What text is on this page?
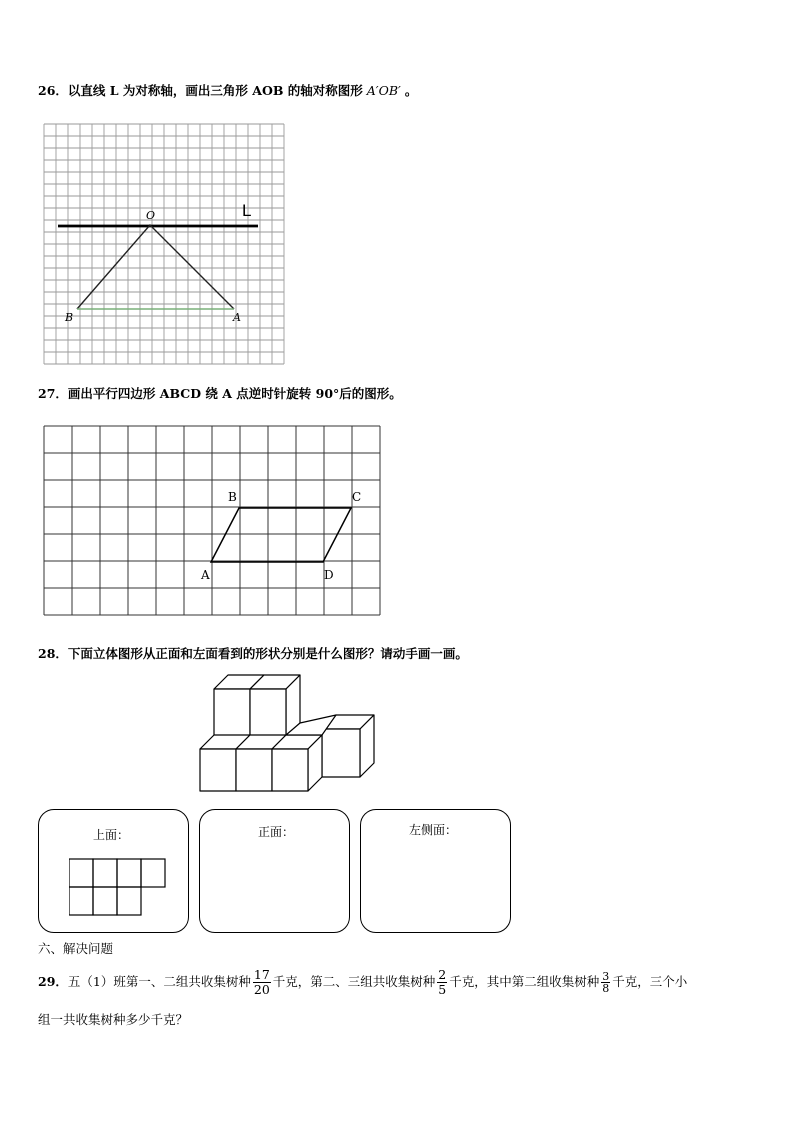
26．以直线 L 为对称轴，画出三角形 AOB 的轴对称图形 A′OB′ 。
L
O
B	A
27．画出平行四边形 ABCD 绕 A 点逆时针旋转 90°后的图形。
A
B	C
D
28．下面立体图形从正面和左面看到的形状分别是什么图形？请动手画一画。
上面：	正面：	左侧面：
六、解决问题
29．五（1）班第一、二组共收集树种 $\frac{17}{20}$ 千克，第二、三组共收集树种 $\frac{2}{5}$ 千克，其中第二组收集树种 $\frac{3}{8}$ 千克，三个小
组一共收集树种多少千克？
